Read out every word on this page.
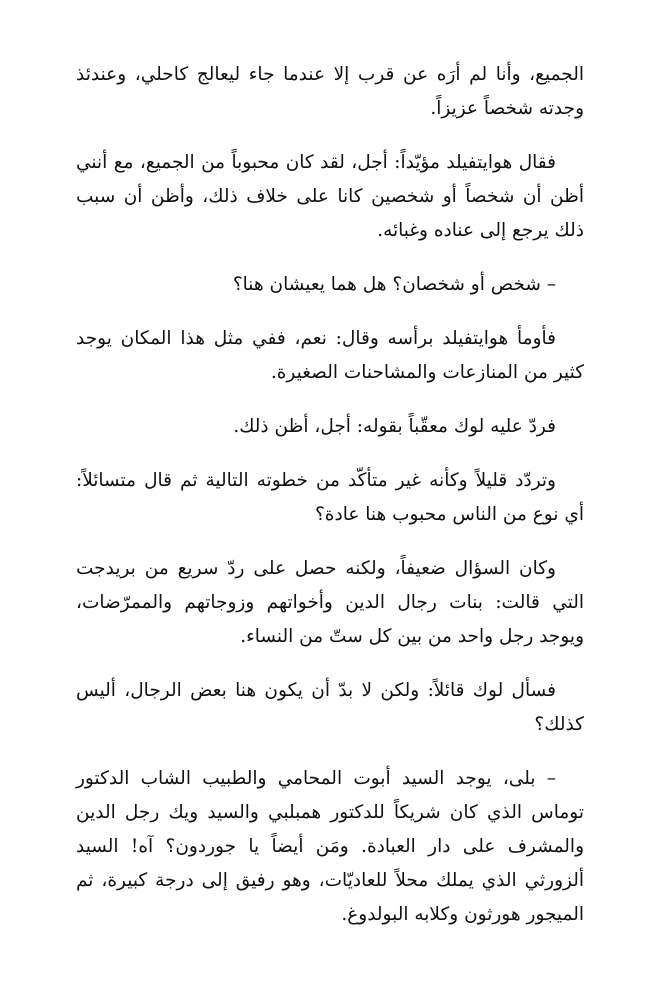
الجميع، وأنا لم أرَه عن قرب إلا عندما جاء ليعالج كاحلي، وعندئذ وجدته شخصاً عزيزاً.

فقال هوايتفيلد مؤيّداً: أجل، لقد كان محبوباً من الجميع، مع أنني أظن أن شخصاً أو شخصين كانا على خلاف ذلك، وأظن أن سبب ذلك يرجع إلى عناده وغبائه.

– شخص أو شخصان؟ هل هما يعيشان هنا؟

فأومأ هوايتفيلد برأسه وقال: نعم، ففي مثل هذا المكان يوجد كثير من المنازعات والمشاحنات الصغيرة.

فردّ عليه لوك معقّباً بقوله: أجل، أظن ذلك.

وتردّد قليلاً وكأنه غير متأكّد من خطوته التالية ثم قال متسائلاً: أي نوع من الناس محبوب هنا عادة؟

وكان السؤال ضعيفاً، ولكنه حصل على ردّ سريع من بريدجت التي قالت: بنات رجال الدين وأخواتهم وزوجاتهم والممرّضات، ويوجد رجل واحد من بين كل ستّ من النساء.

فسأل لوك قائلاً: ولكن لا بدّ أن يكون هنا بعض الرجال، أليس كذلك؟

– بلى، يوجد السيد أبوت المحامي والطبيب الشاب الدكتور توماس الذي كان شريكاً للدكتور همبلبي والسيد ويك رجل الدين والمشرف على دار العبادة. ومَن أيضاً يا جوردون؟ آه! السيد ألزورثي الذي يملك محلاً للعاديّات، وهو رفيق إلى درجة كبيرة، ثم الميجور هورثون وكلابه البولدوغ.
